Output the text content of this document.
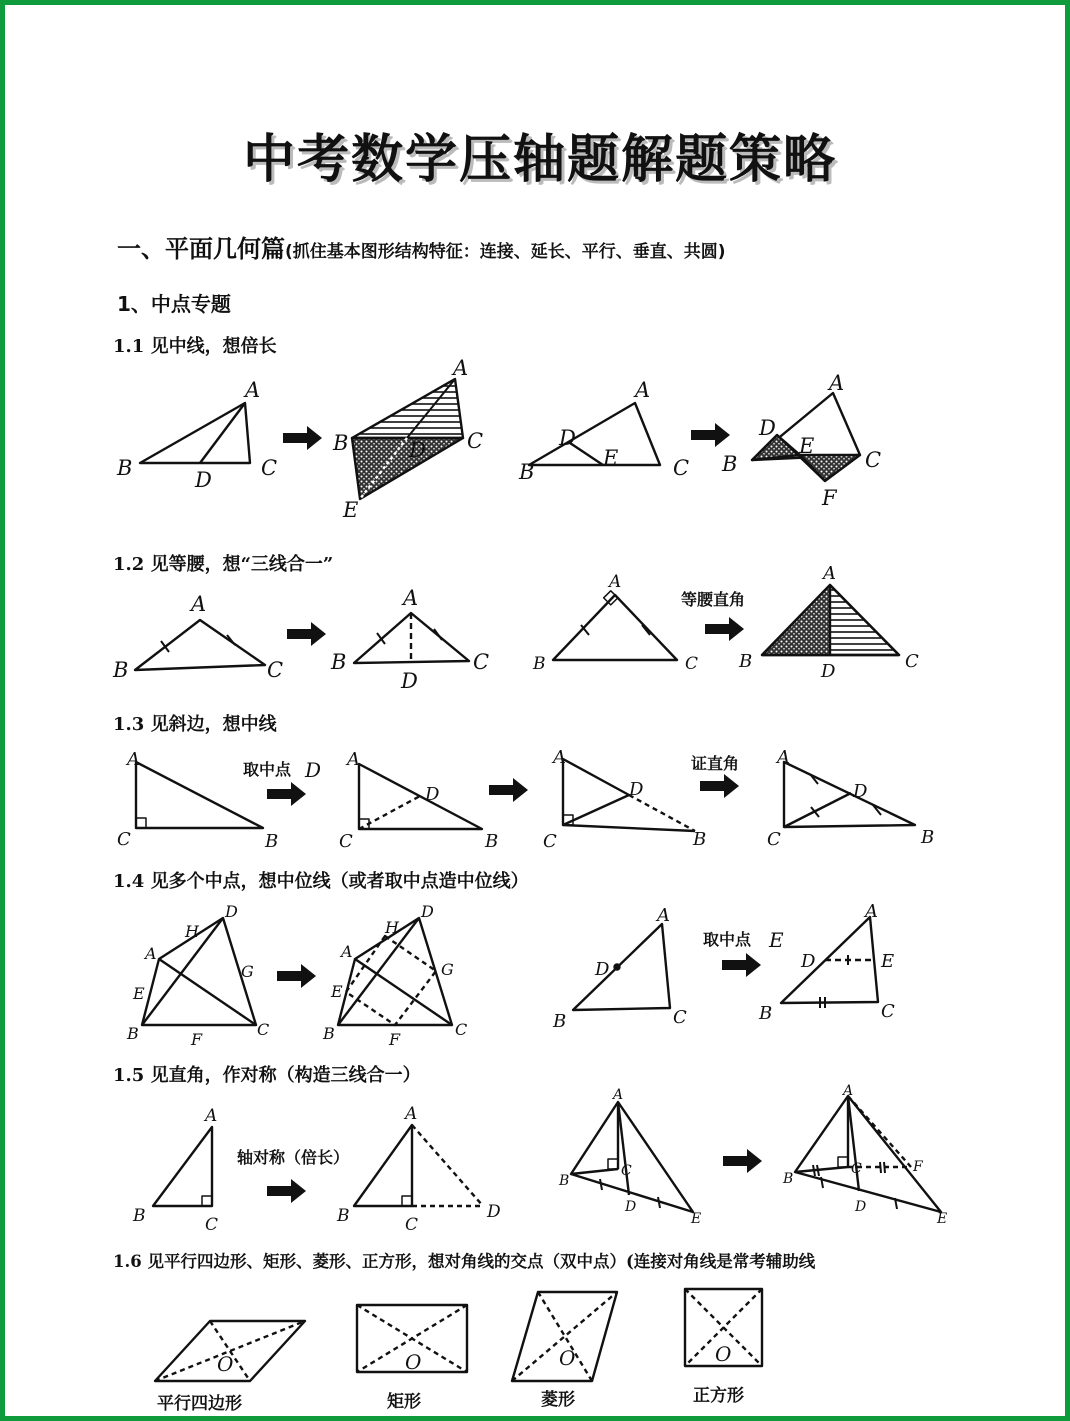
中考数学压轴题解题策略
一、平面几何篇(抓住基本图形结构特征：连接、延长、平行、垂直、共圆)
1、中点专题
1.1 见中线，想倍长
1.2 见等腰，想“三线合一”
1.3 见斜边，想中线
1.4 见多个中点，想中位线（或者取中点造中位线）
1.5 见直角，作对称（构造三线合一）
1.6 见平行四边形、矩形、菱形、正方形，想对角线的交点（双中点）(连接对角线是常考辅助线
A
B	C
D
A
B	C
D
E
A
B	C
D
E
A
B	C
D
E
F
A
B	C
A
B	C
D
A
B	C
A
B	C
D
A
C	B
A
C	B
D
A
C	B
D
A
C	B
D
A
H
D
G
E
B	F
C
A
H
D
G
E
B	F
C
A
D
B	C
A
D	E
B	C
A
B	C
A
B	C
D
A
B
C
D
E
A
B
C
D
E
F
O	O	O	O
等腰直角
取中点 D	证直角
取中点 E
轴对称（倍长）
平行四边形	矩形	菱形	正方形
